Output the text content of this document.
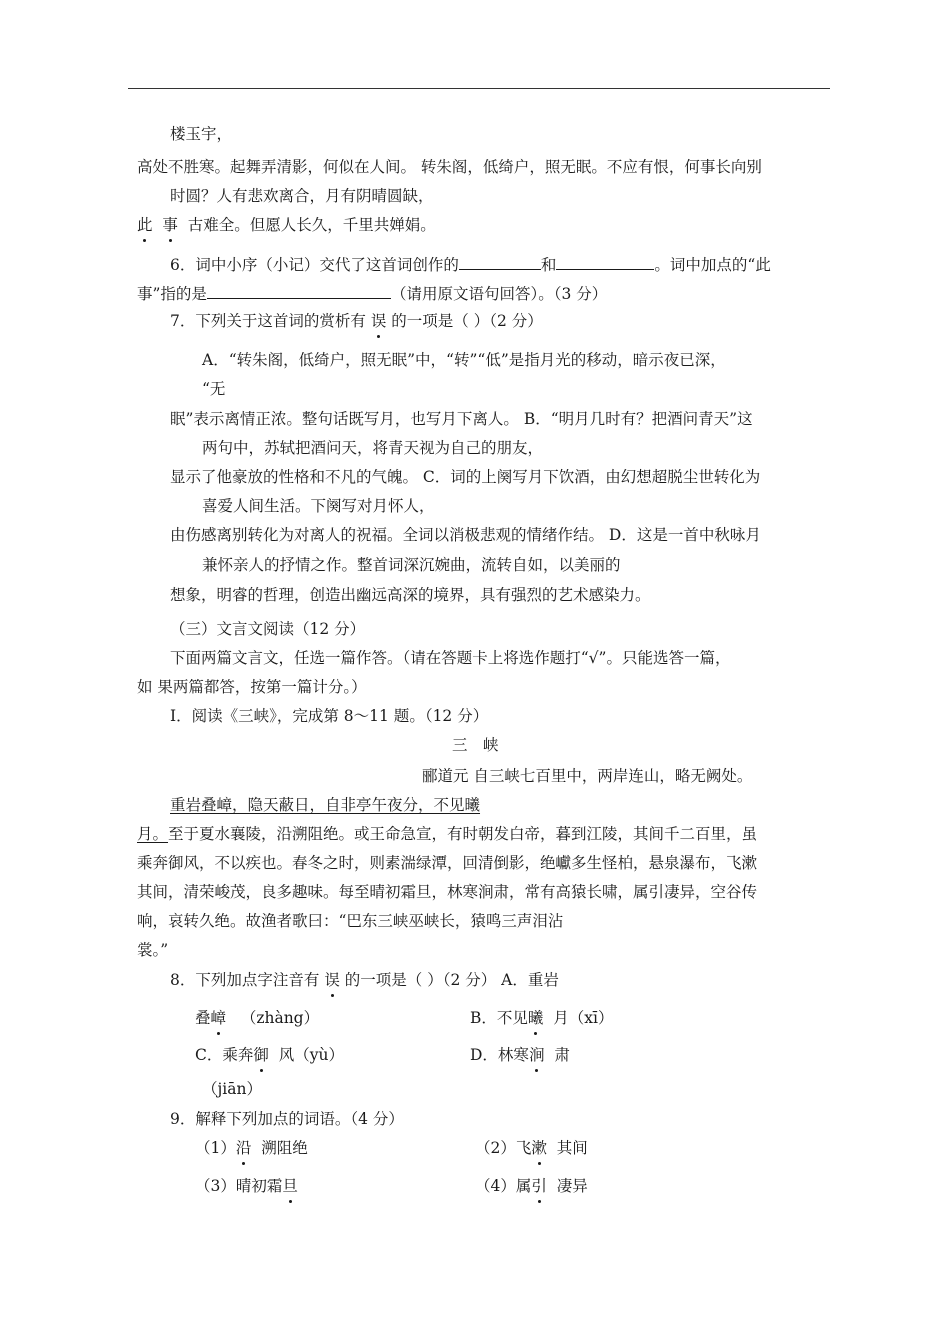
楼玉宇，
高处不胜寒。起舞弄清影，何似在人间。 转朱阁，低绮户，照无眠。不应有恨，何事长向别
时圆？人有悲欢离合，月有阴晴圆缺，
此 事 古难全。但愿人长久，千里共婵娟。
6．词中小序（小记）交代了这首词创作的	和	。词中加点的“此
事”指的是	（请用原文语句回答）。（3 分）
7．下列关于这首词的赏析有 误 的一项是（ ）（2 分）
A．“转朱阁，低绮户，照无眠”中，“转”“低”是指月光的移动，暗示夜已深，
“无
眠”表示离情正浓。整句话既写月，也写月下离人。 B．“明月几时有？把酒问青天”这
两句中，苏轼把酒问天，将青天视为自己的朋友，
显示了他豪放的性格和不凡的气魄。 C．词的上阕写月下饮酒，由幻想超脱尘世转化为
喜爱人间生活。下阕写对月怀人，
由伤感离别转化为对离人的祝福。全词以消极悲观的情绪作结。 D．这是一首中秋咏月
兼怀亲人的抒情之作。整首词深沉婉曲，流转自如，以美丽的
想象，明睿的哲理，创造出幽远高深的境界，具有强烈的艺术感染力。
（三）文言文阅读（12 分）
下面两篇文言文，任选一篇作答。（请在答题卡上将选作题打“√”。只能选答一篇，
如 果两篇都答，按第一篇计分。）
Ⅰ．阅读《三峡》，完成第 8～11 题。（12 分）
三　峡
郦道元 自三峡七百里中，两岸连山，略无阙处。
重岩叠嶂，隐天蔽日，自非亭午夜分，不见曦
月。至于夏水襄陵，沿溯阻绝。或王命急宣，有时朝发白帝，暮到江陵，其间千二百里，虽
乘奔御风，不以疾也。春冬之时，则素湍绿潭，回清倒影，绝巘多生怪柏，悬泉瀑布，飞漱
其间，清荣峻茂，良多趣味。每至晴初霜旦，林寒涧肃，常有高猿长啸，属引凄异，空谷传
响，哀转久绝。故渔者歌曰：“巴东三峡巫峡长，猿鸣三声泪沾
裳。”
8．下列加点字注音有 误 的一项是（ ）（2 分） A．重岩
叠嶂 （zhàng）	B．不见曦 月（xī）
C．乘奔御 风（yù）	D．林寒涧 肃
（jiān）
9．解释下列加点的词语。（4 分）
（1）沿 溯阻绝	（2）飞漱 其间
（3）晴初霜旦	（4）属引 凄异
